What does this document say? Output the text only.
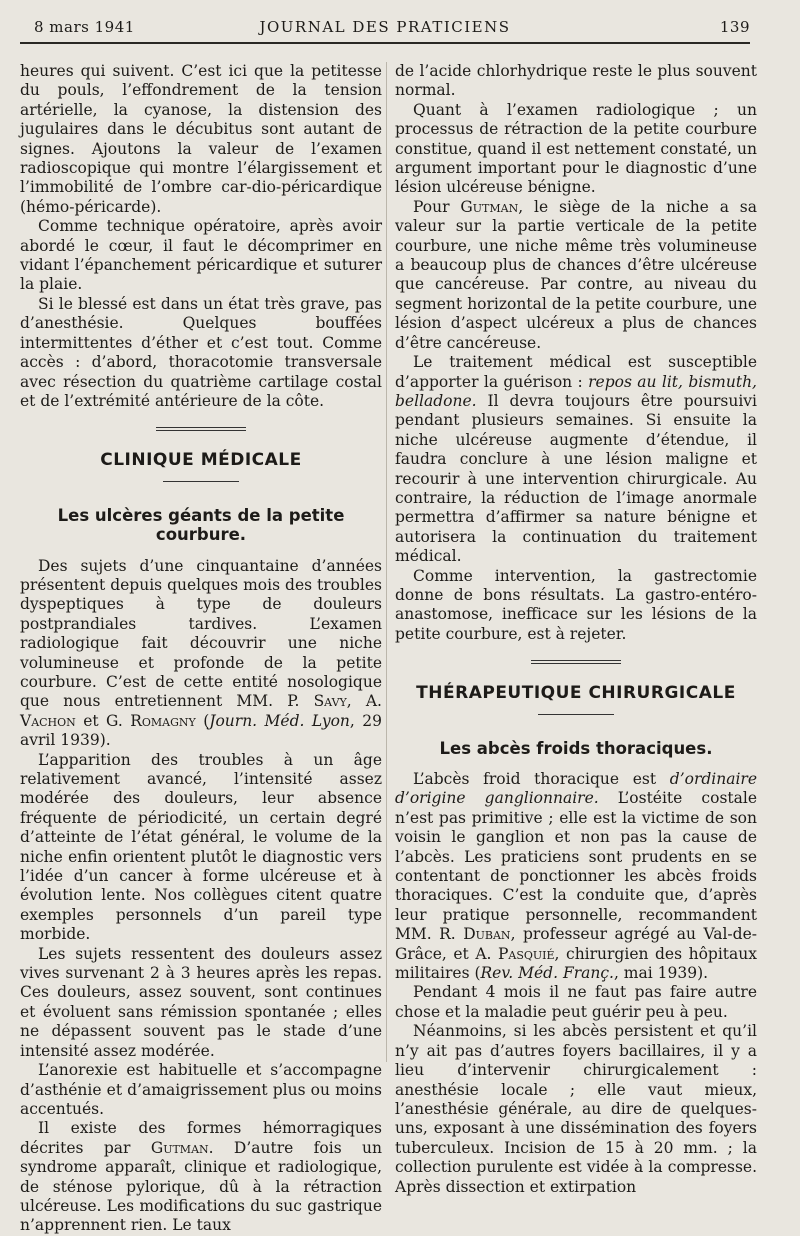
8 mars 1941	JOURNAL DES PRATICIENS	139

heures qui suivent. C’est ici que la petitesse du pouls, l’effondrement de la tension artérielle, la cyanose, la distension des jugulaires dans le décubitus sont autant de signes. Ajoutons la valeur de l’examen radioscopique qui montre l’élargissement et l’immobilité de l’ombre car-dio-péricardique (hémo-péricarde).

Comme technique opératoire, après avoir abordé le cœur, il faut le décomprimer en vidant l’épanchement péricardique et suturer la plaie.

Si le blessé est dans un état très grave, pas d’anesthésie. Quelques bouffées intermittentes d’éther et c’est tout. Comme accès : d’abord, thoracotomie transversale avec résection du quatrième cartilage costal et de l’extrémité antérieure de la côte.

CLINIQUE MÉDICALE
Les ulcères géants de la petite courbure.

Des sujets d’une cinquantaine d’années présentent depuis quelques mois des troubles dyspeptiques à type de douleurs postprandiales tardives. L’examen radiologique fait découvrir une niche volumineuse et profonde de la petite courbure. C’est de cette entité nosologique que nous entretiennent MM. P. Savy, A. Vachon et G. Romagny (Journ. Méd. Lyon, 29 avril 1939).

L’apparition des troubles à un âge relativement avancé, l’intensité assez modérée des douleurs, leur absence fréquente de périodicité, un certain degré d’atteinte de l’état général, le volume de la niche enfin orientent plutôt le diagnostic vers l’idée d’un cancer à forme ulcéreuse et à évolution lente. Nos collègues citent quatre exemples personnels d’un pareil type morbide.

Les sujets ressentent des douleurs assez vives survenant 2 à 3 heures après les repas. Ces douleurs, assez souvent, sont continues et évoluent sans rémission spontanée ; elles ne dépassent souvent pas le stade d’une intensité assez modérée.

L’anorexie est habituelle et s’accompagne d’asthénie et d’amaigrissement plus ou moins accentués.

Il existe des formes hémorragiques décrites par Gutman. D’autre fois un syndrome apparaît, clinique et radiologique, de sténose pylorique, dû à la rétraction ulcéreuse. Les modifications du suc gastrique n’apprennent rien. Le taux

de l’acide chlorhydrique reste le plus souvent normal.

Quant à l’examen radiologique ; un processus de rétraction de la petite courbure constitue, quand il est nettement constaté, un argument important pour le diagnostic d’une lésion ulcéreuse bénigne.

Pour Gutman, le siège de la niche a sa valeur sur la partie verticale de la petite courbure, une niche même très volumineuse a beaucoup plus de chances d’être ulcéreuse que cancéreuse. Par contre, au niveau du segment horizontal de la petite courbure, une lésion d’aspect ulcéreux a plus de chances d’être cancéreuse.

Le traitement médical est susceptible d’apporter la guérison : repos au lit, bismuth, belladone. Il devra toujours être poursuivi pendant plusieurs semaines. Si ensuite la niche ulcéreuse augmente d’étendue, il faudra conclure à une lésion maligne et recourir à une intervention chirurgicale. Au contraire, la réduction de l’image anormale permettra d’affirmer sa nature bénigne et autorisera la continuation du traitement médical.

Comme intervention, la gastrectomie donne de bons résultats. La gastro-entéro-anastomose, inefficace sur les lésions de la petite courbure, est à rejeter.

THÉRAPEUTIQUE CHIRURGICALE
Les abcès froids thoraciques.

L’abcès froid thoracique est d’ordinaire d’origine ganglionnaire. L’ostéite costale n’est pas primitive ; elle est la victime de son voisin le ganglion et non pas la cause de l’abcès. Les praticiens sont prudents en se contentant de ponctionner les abcès froids thoraciques. C’est la conduite que, d’après leur pratique personnelle, recommandent MM. R. Duban, professeur agrégé au Val-de-Grâce, et A. Pasquié, chirurgien des hôpitaux militaires (Rev. Méd. Franç., mai 1939).

Pendant 4 mois il ne faut pas faire autre chose et la maladie peut guérir peu à peu.

Néanmoins, si les abcès persistent et qu’il n’y ait pas d’autres foyers bacillaires, il y a lieu d’intervenir chirurgicalement : anesthésie locale ; elle vaut mieux, l’anesthésie générale, au dire de quelques-uns, exposant à une dissémination des foyers tuberculeux. Incision de 15 à 20 mm. ; la collection purulente est vidée à la compresse. Après dissection et extirpation
